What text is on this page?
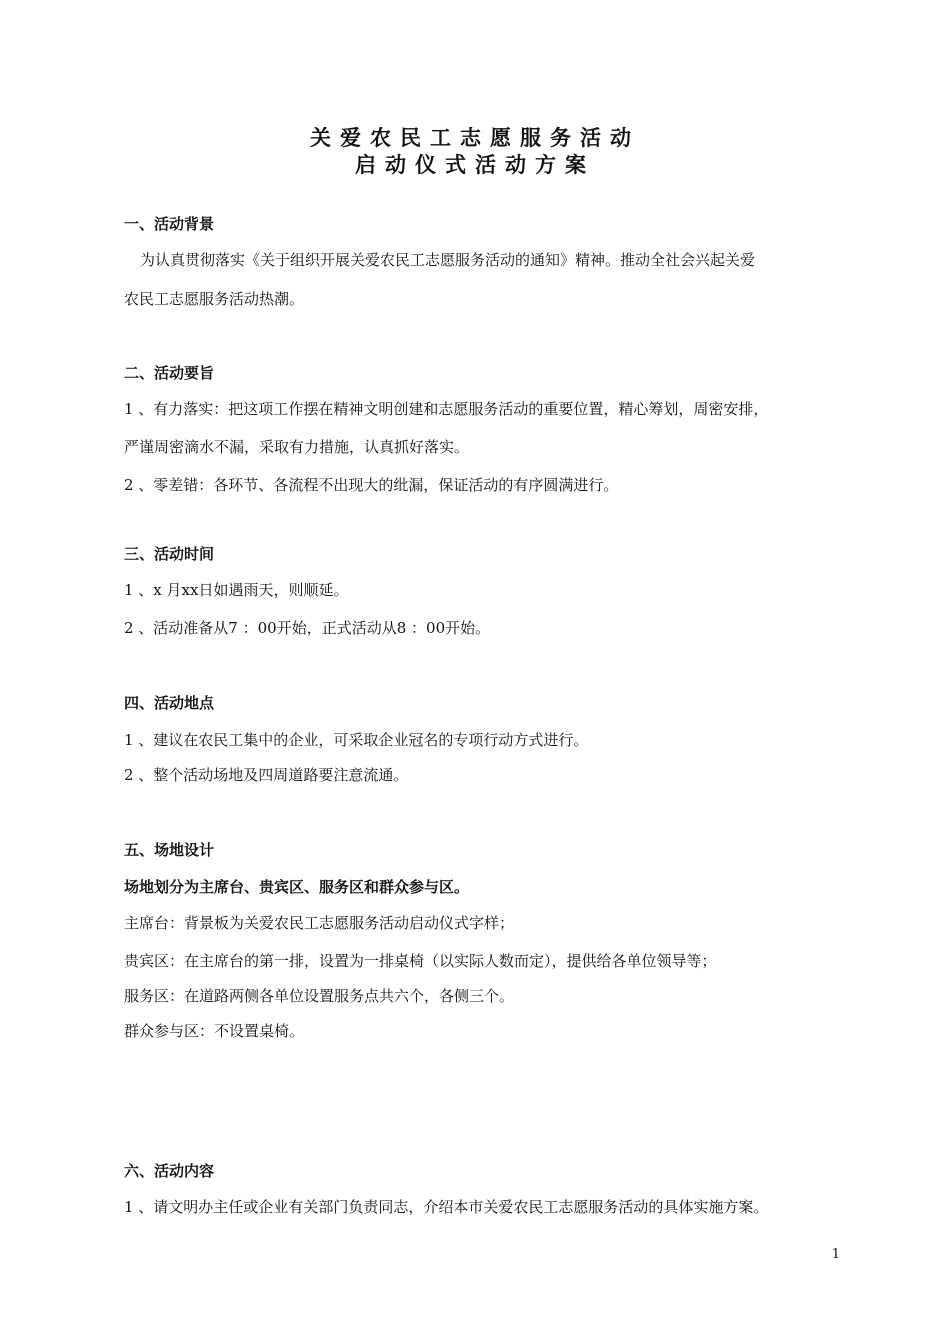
关爱农民工志愿服务活动
启动仪式活动方案
一、活动背景
为认真贯彻落实《关于组织开展关爱农民工志愿服务活动的通知》精神。推动全社会兴起关爱
农民工志愿服务活动热潮。
二、活动要旨
1 、有力落实：把这项工作摆在精神文明创建和志愿服务活动的重要位置，精心筹划，周密安排，
严谨周密滴水不漏，采取有力措施，认真抓好落实。
2 、零差错：各环节、各流程不出现大的纰漏，保证活动的有序圆满进行。
三、活动时间
1 、x 月xx日如遇雨天，则顺延。
2 、活动准备从7 ：00开始，正式活动从8 ：00开始。
四、活动地点
1 、建议在农民工集中的企业，可采取企业冠名的专项行动方式进行。
2 、整个活动场地及四周道路要注意流通。
五、场地设计
场地划分为主席台、贵宾区、服务区和群众参与区。
主席台：背景板为关爱农民工志愿服务活动启动仪式字样；
贵宾区：在主席台的第一排，设置为一排桌椅（以实际人数而定），提供给各单位领导等；
服务区：在道路两侧各单位设置服务点共六个，各侧三个。
群众参与区：不设置桌椅。
六、活动内容
1 、请文明办主任或企业有关部门负责同志，介绍本市关爱农民工志愿服务活动的具体实施方案。
1
